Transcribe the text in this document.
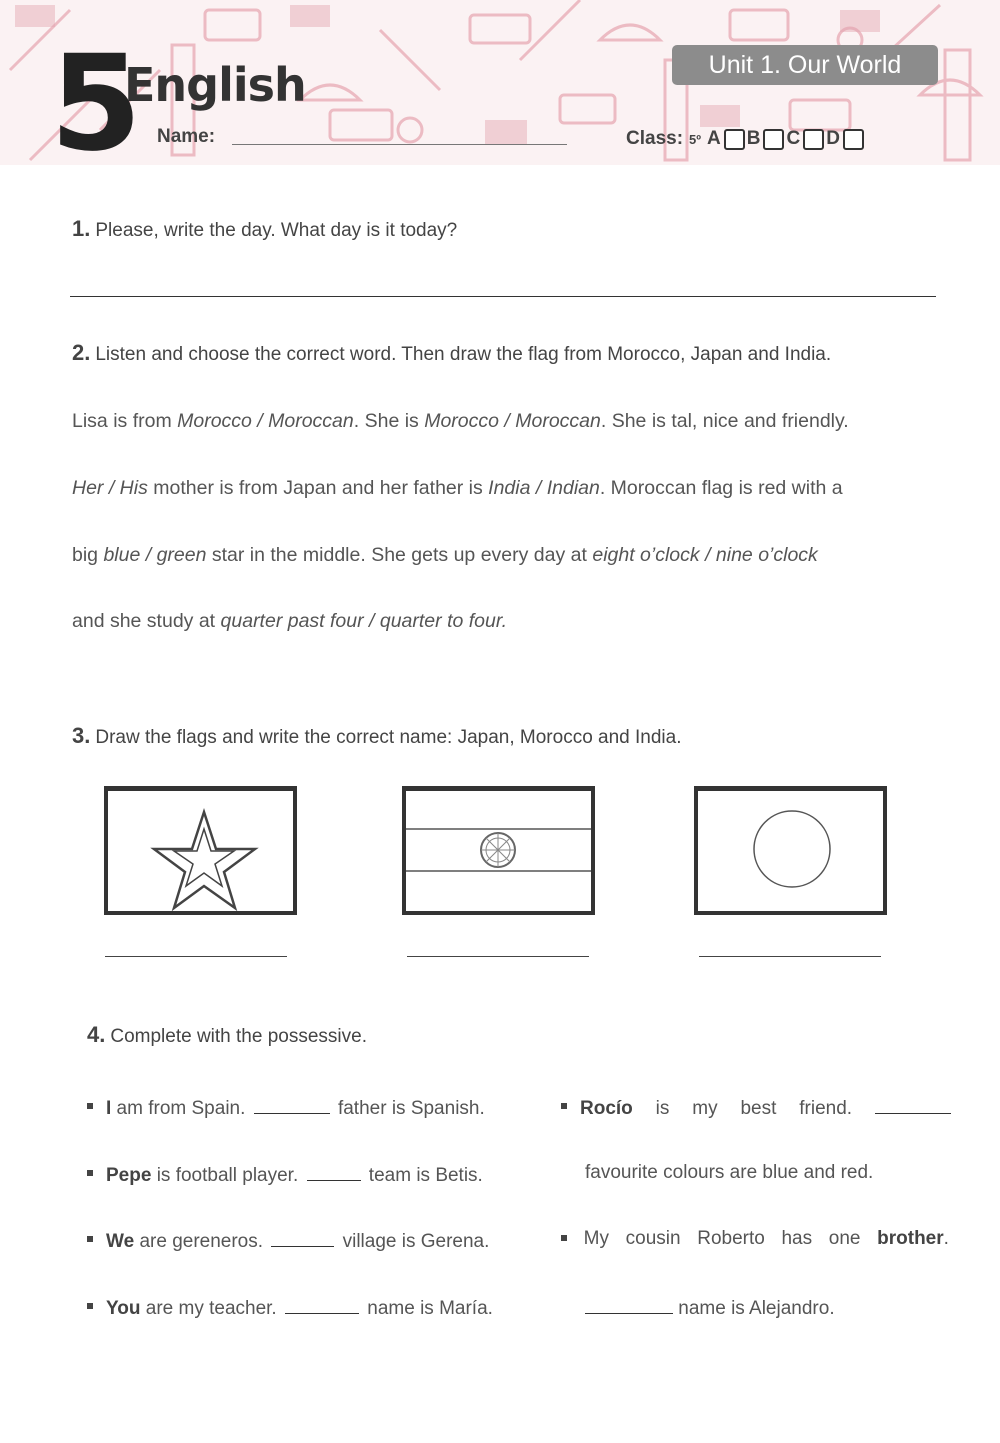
5
English
Name:
Unit 1. Our World
Class: 5º A B C D
1. Please, write the day. What day is it today?
2. Listen and choose the correct word. Then draw the flag from Morocco, Japan and India.
Lisa is from Morocco / Moroccan. She is Morocco / Moroccan. She is tal, nice and friendly.
Her / His mother is from Japan and her father is India / Indian. Moroccan flag is red with a
big blue / green star in the middle. She gets up every day at eight o’clock / nine o’clock
and she study at quarter past four / quarter to four.
3. Draw the flags and write the correct name: Japan, Morocco and India.
4. Complete with the possessive.
I am from Spain.	father is Spanish.
Pepe is football player.	team is Betis.
We are gereneros.	village is Gerena.
You are my teacher.	name is María.
Rocío is my best friend.
favourite colours are blue and red.
My cousin Roberto has one brother.
name is Alejandro.
